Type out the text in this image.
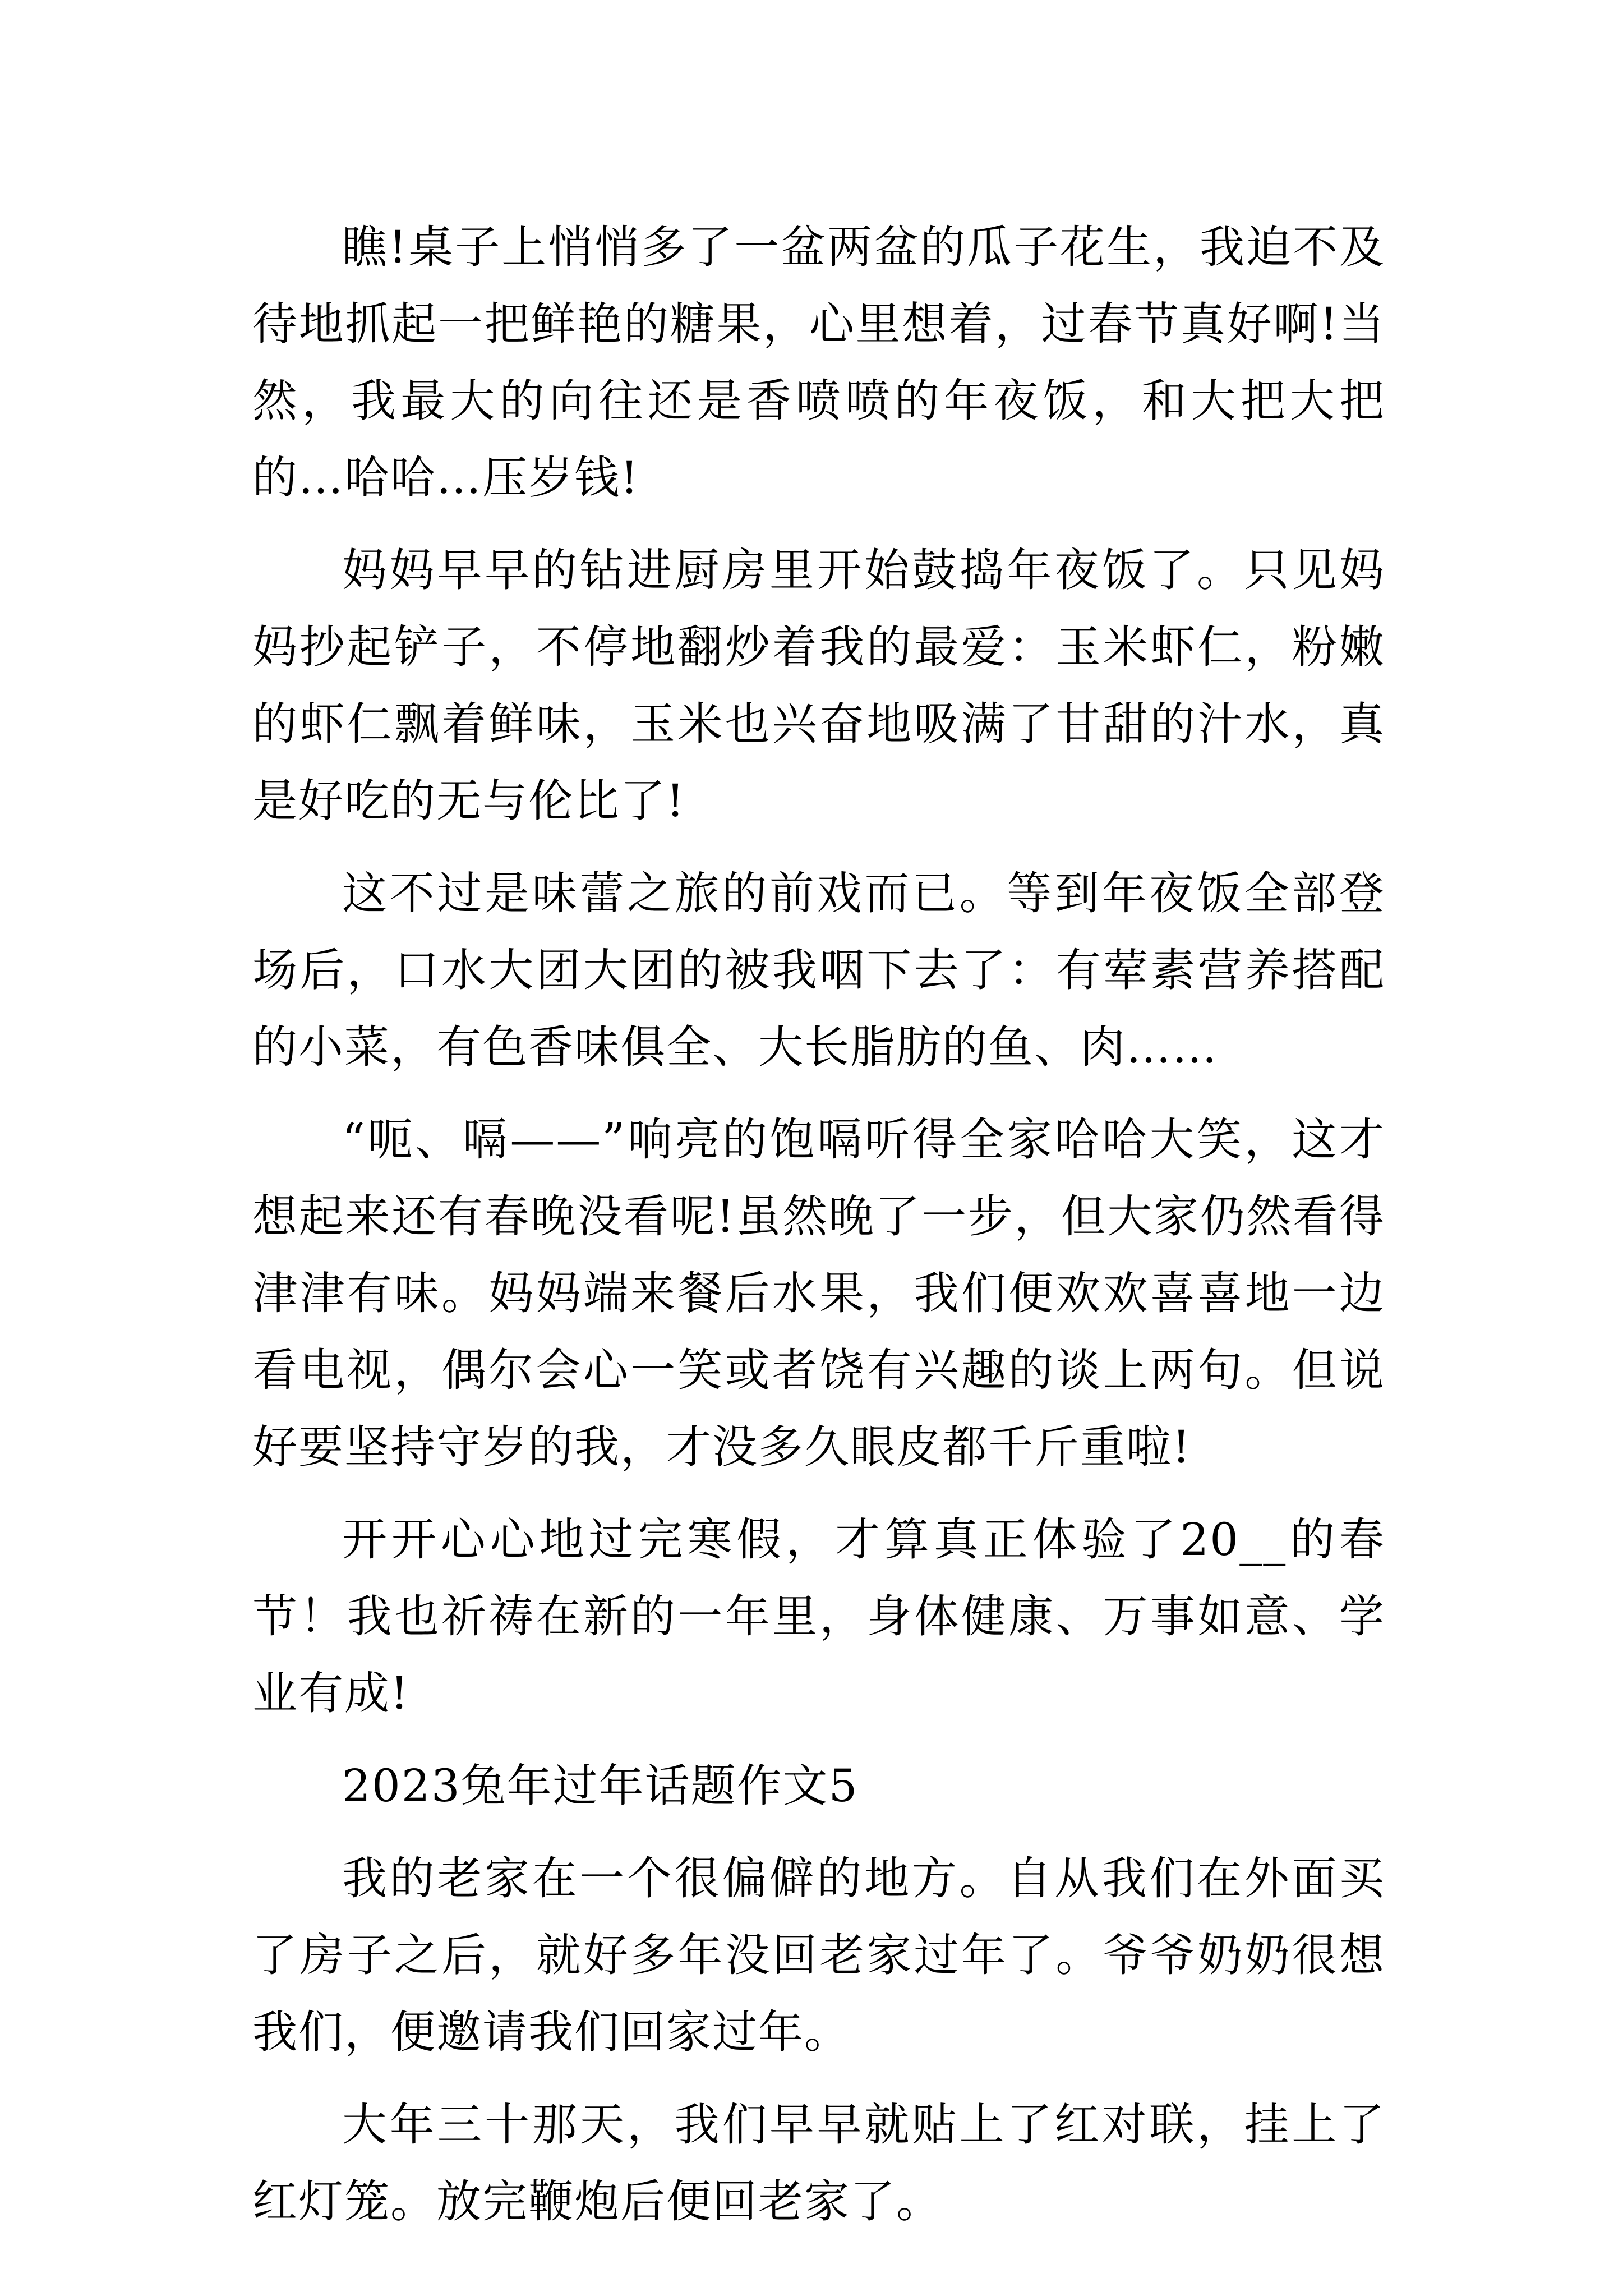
瞧!桌子上悄悄多了一盆两盆的瓜子花生，我迫不及待地抓起一把鲜艳的糖果，心里想着，过春节真好啊!当然，我最大的向往还是香喷喷的年夜饭，和大把大把的…哈哈…压岁钱!

妈妈早早的钻进厨房里开始鼓捣年夜饭了。只见妈妈抄起铲子，不停地翻炒着我的最爱：玉米虾仁，粉嫩的虾仁飘着鲜味，玉米也兴奋地吸满了甘甜的汁水，真是好吃的无与伦比了!

这不过是味蕾之旅的前戏而已。等到年夜饭全部登场后，口水大团大团的被我咽下去了：有荤素营养搭配的小菜，有色香味俱全、大长脂肪的鱼、肉……

“呃、嗝——”响亮的饱嗝听得全家哈哈大笑，这才想起来还有春晚没看呢!虽然晚了一步，但大家仍然看得津津有味。妈妈端来餐后水果，我们便欢欢喜喜地一边看电视，偶尔会心一笑或者饶有兴趣的谈上两句。但说好要坚持守岁的我，才没多久眼皮都千斤重啦!

开开心心地过完寒假，才算真正体验了20__的春节！我也祈祷在新的一年里，身体健康、万事如意、学业有成!

2023兔年过年话题作文5

我的老家在一个很偏僻的地方。自从我们在外面买了房子之后，就好多年没回老家过年了。爷爷奶奶很想我们，便邀请我们回家过年。

大年三十那天，我们早早就贴上了红对联，挂上了红灯笼。放完鞭炮后便回老家了。
